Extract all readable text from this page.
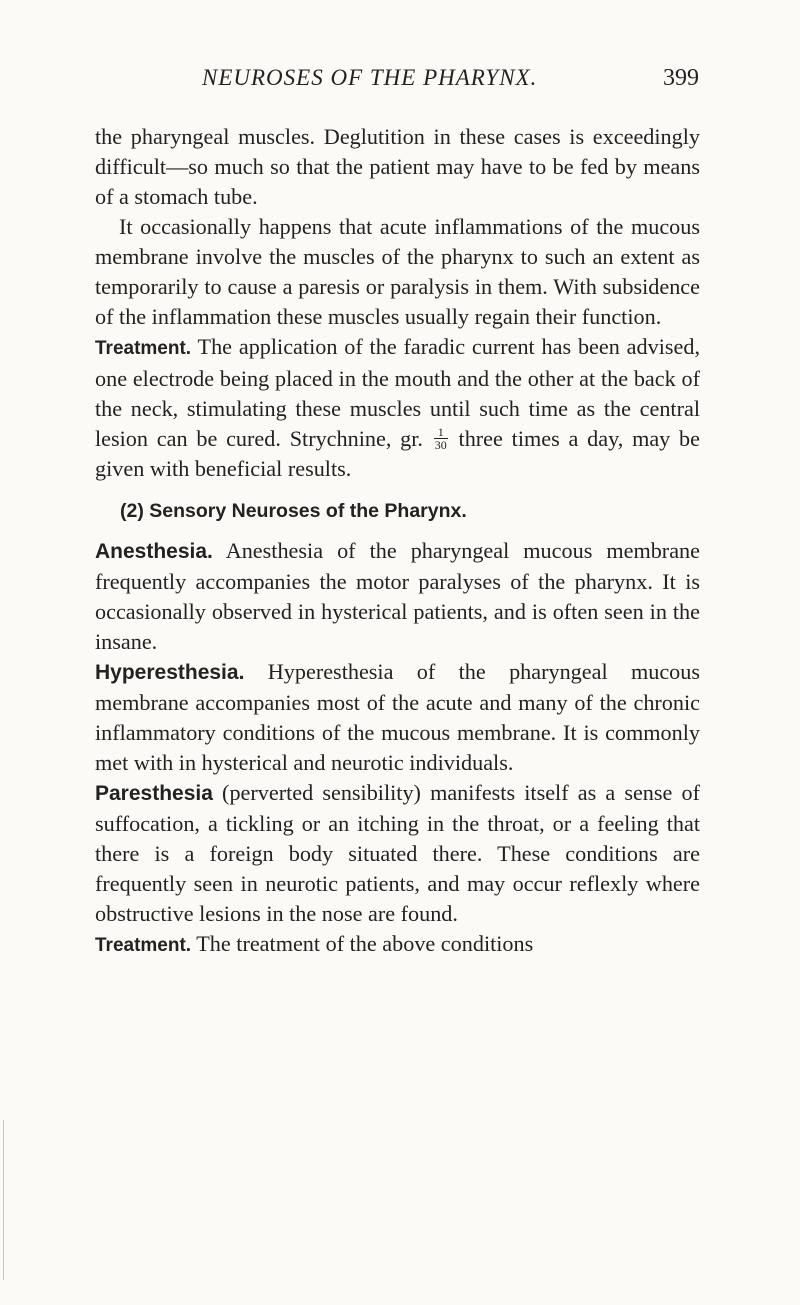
NEUROSES OF THE PHARYNX.	399

the pharyngeal muscles. Deglutition in these cases is exceedingly difficult—so much so that the patient may have to be fed by means of a stomach tube.

It occasionally happens that acute inflammations of the mucous membrane involve the muscles of the pharynx to such an extent as temporarily to cause a paresis or paralysis in them. With subsidence of the inflammation these muscles usually regain their function.

Treatment. The application of the faradic current has been advised, one electrode being placed in the mouth and the other at the back of the neck, stimulating these muscles until such time as the central lesion can be cured. Strychnine, gr. $\frac{1}{30}$ three times a day, may be given with beneficial results.

(2) Sensory Neuroses of the Pharynx.

Anesthesia. Anesthesia of the pharyngeal mucous membrane frequently accompanies the motor paralyses of the pharynx. It is occasionally observed in hysterical patients, and is often seen in the insane.

Hyperesthesia. Hyperesthesia of the pharyngeal mucous membrane accompanies most of the acute and many of the chronic inflammatory conditions of the mucous membrane. It is commonly met with in hysterical and neurotic individuals.

Paresthesia (perverted sensibility) manifests itself as a sense of suffocation, a tickling or an itching in the throat, or a feeling that there is a foreign body situated there. These conditions are frequently seen in neurotic patients, and may occur reflexly where obstructive lesions in the nose are found.

Treatment. The treatment of the above conditions
